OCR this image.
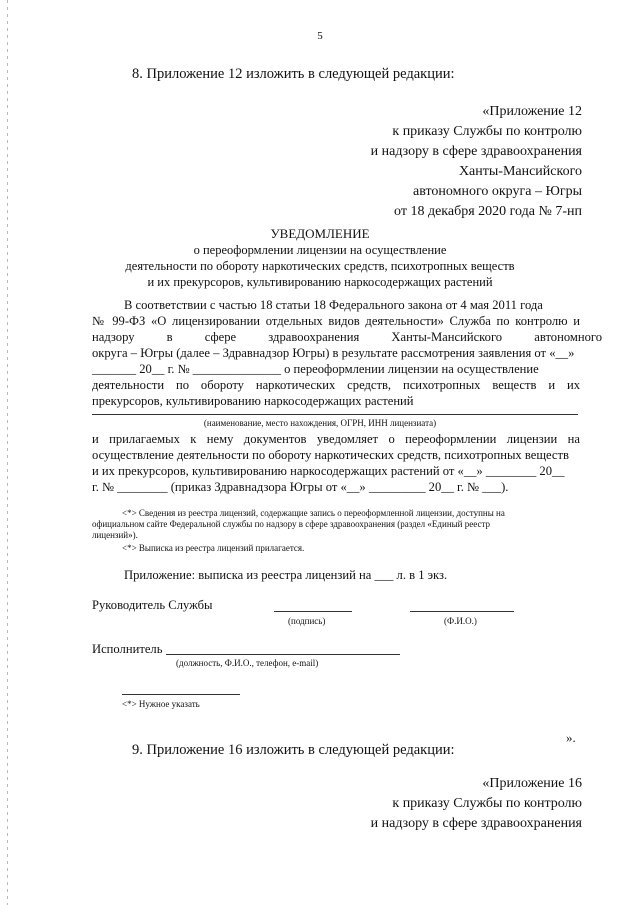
5
8. Приложение 12 изложить в следующей редакции:
«Приложение 12
к приказу Службы по контролю
и надзору в сфере здравоохранения
Ханты-Мансийского
автономного округа – Югры
от 18 декабря 2020 года № 7-нп
УВЕДОМЛЕНИЕ
о переоформлении лицензии на осуществление
деятельности по обороту наркотических средств, психотропных веществ
и их прекурсоров, культивированию наркосодержащих растений
В соответствии с частью 18 статьи 18 Федерального закона от 4 мая 2011 года
№ 99-ФЗ «О лицензировании отдельных видов деятельности» Служба по контролю и
надзору в сфере здравоохранения Ханты-Мансийского автономного
округа – Югры (далее – Здравнадзор Югры) в результате рассмотрения заявления от «__»
_______ 20__ г. № ______________ о переоформлении лицензии на осуществление
деятельности по обороту наркотических средств, психотропных веществ и их
прекурсоров, культивированию наркосодержащих растений
(наименование, место нахождения, ОГРН, ИНН лицензиата)
и прилагаемых к нему документов уведомляет о переоформлении лицензии на
осуществление деятельности по обороту наркотических средств, психотропных веществ
и их прекурсоров, культивированию наркосодержащих растений от «__» ________ 20__
г. № ________ (приказ Здравнадзора Югры от «__» _________ 20__ г. № ___).
<*> Сведения из реестра лицензий, содержащие запись о переоформленной лицензии, доступны на
официальном сайте Федеральной службы по надзору в сфере здравоохранения (раздел «Единый реестр
лицензий»).
<*> Выписка из реестра лицензий прилагается.
Приложение: выписка из реестра лицензий на ___ л. в 1 экз.
Руководитель Службы
(подпись)	(Ф.И.О.)
Исполнитель
(должность, Ф.И.О., телефон, e-mail)
<*> Нужное указать
».
9. Приложение 16 изложить в следующей редакции:
«Приложение 16
к приказу Службы по контролю
и надзору в сфере здравоохранения
